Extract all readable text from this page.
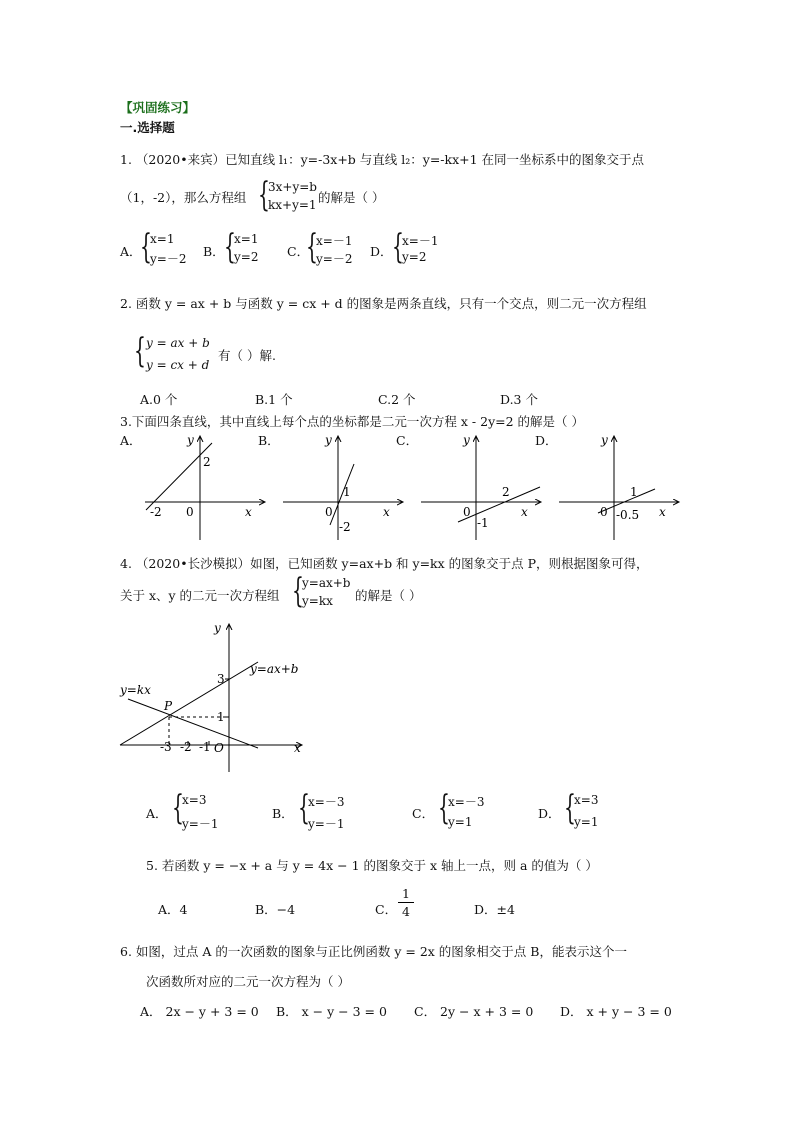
【巩固练习】
一.选择题
1. （2020•来宾）已知直线 l₁：y=-3x+b 与直线 l₂：y=-kx+1 在同一坐标系中的图象交于点
（1，-2），那么方程组 {
3x+y=b
kx+y=1 的解是（ ）
A．
{
x=1
y=－2 B． {
x=1
y=2 C．
{
x=－1
y=－2 D． {
x=－1
y=2
2. 函数 y = ax + b 与函数 y = cx + d 的图象是两条直线，只有一个交点，则二元一次方程组
{ y = ax + b
y = cx + d
有（ ）解.
A.0 个	B.1 个	C.2 个	D.3 个
3.下面四条直线，其中直线上每个点的坐标都是二元一次方程 x - 2y=2 的解是（ ）
A．	B．	C．	D．
y
x
0
-2
2
y
x
0
1
-2
y
x
0
2
-1
y
x
0
1
-0.5
y
x
O
y=ax+b
y=kx
P
3
1
-3 -2 -1
4. （2020•长沙模拟）如图，已知函数 y=ax+b 和 y=kx 的图象交于点 P，则根据图象可得，
关于 x、y 的二元一次方程组 {
y=ax+b
y=kx 的解是（ ）
A． {
x=3
y=－1
B． {
x=－3
y=－1
C． {
x=－3
y=1
D． {
x=3
y=1
5. 若函数 y = −x + a 与 y = 4x − 1 的图象交于 x 轴上一点，则 a 的值为（ ）
A．4	B．−4	C．
1
4	D．±4
6. 如图，过点 A 的一次函数的图象与正比例函数 y = 2x 的图象相交于点 B，能表示这个一
次函数所对应的二元一次方程为（ ）
A． 2x − y + 3 = 0 B． x − y − 3 = 0 C． 2y − x + 3 = 0 D． x + y − 3 = 0
